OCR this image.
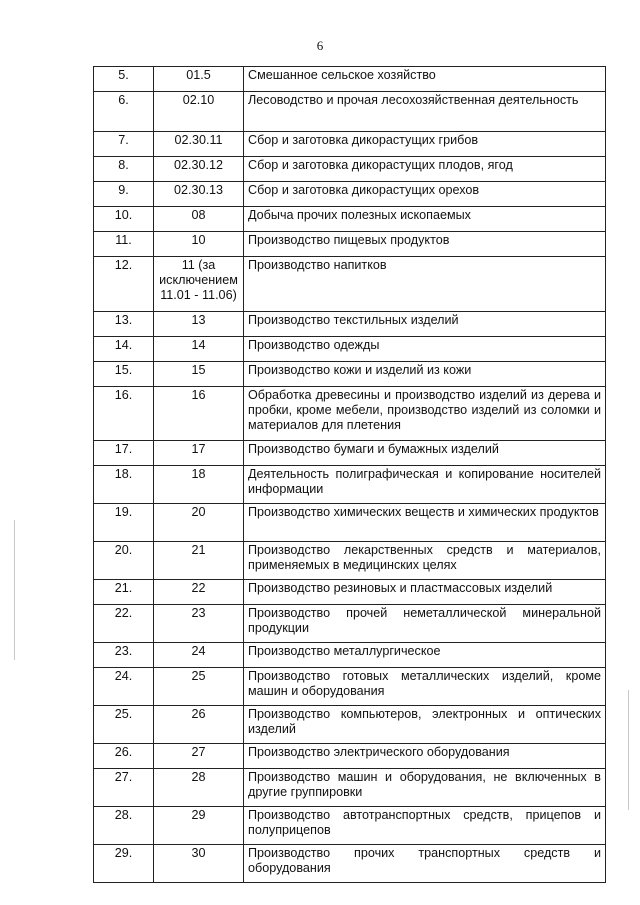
6
5.	01.5	Смешанное сельское хозяйство
6.	02.10	Лесоводство и прочая лесохозяйственная деятельность
7.	02.30.11	Сбор и заготовка дикорастущих грибов
8.	02.30.12	Сбор и заготовка дикорастущих плодов, ягод
9.	02.30.13	Сбор и заготовка дикорастущих орехов
10.	08	Добыча прочих полезных ископаемых
11.	10	Производство пищевых продуктов
12.	11 (за исключением 11.01 - 11.06)	Производство напитков
13.	13	Производство текстильных изделий
14.	14	Производство одежды
15.	15	Производство кожи и изделий из кожи
16.	16	Обработка древесины и производство изделий из дерева и пробки, кроме мебели, производство изделий из соломки и материалов для плетения
17.	17	Производство бумаги и бумажных изделий
18.	18	Деятельность полиграфическая и копирование носителей информации
19.	20	Производство химических веществ и химических продуктов
20.	21	Производство лекарственных средств и материалов, применяемых в медицинских целях
21.	22	Производство резиновых и пластмассовых изделий
22.	23	Производство прочей неметаллической минеральной продукции
23.	24	Производство металлургическое
24.	25	Производство готовых металлических изделий, кроме машин и оборудования
25.	26	Производство компьютеров, электронных и оптических изделий
26.	27	Производство электрического оборудования
27.	28	Производство машин и оборудования, не включенных в другие группировки
28.	29	Производство автотранспортных средств, прицепов и полуприцепов
29.	30	Производство прочих транспортных средств и оборудования
